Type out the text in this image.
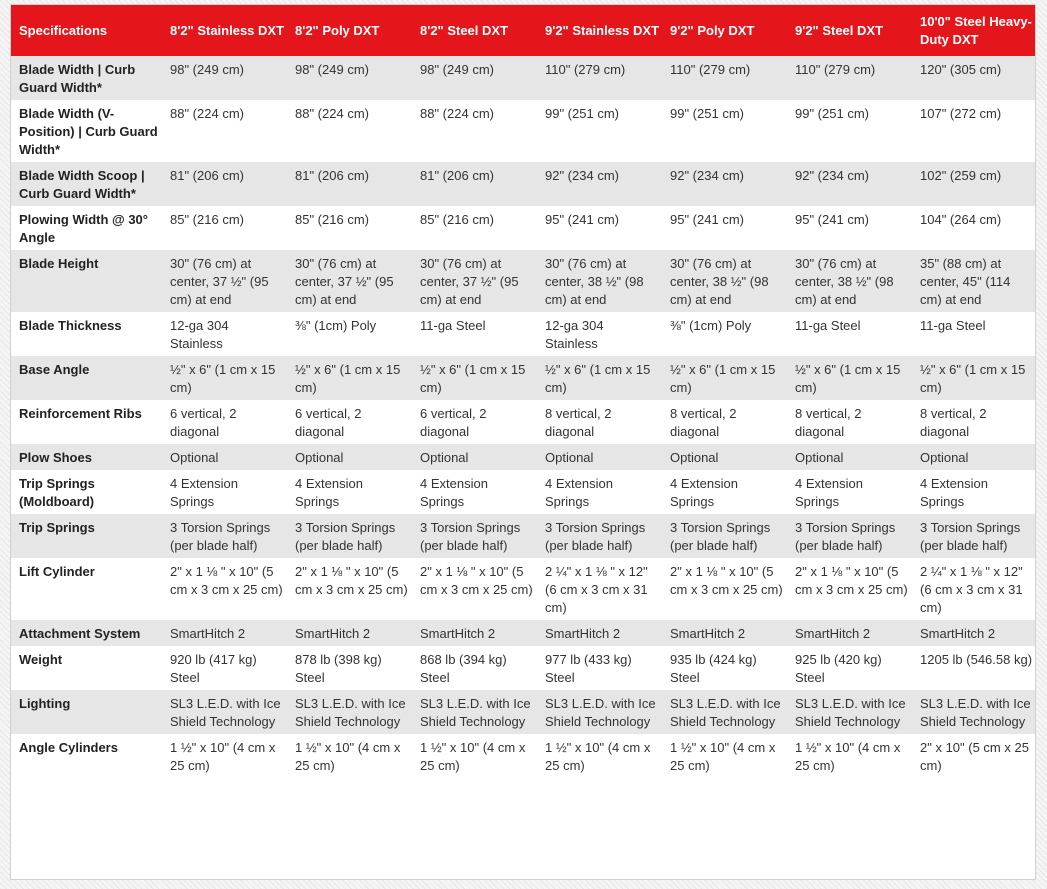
Specifications	8'2" Stainless DXT	8'2" Poly DXT	8'2" Steel DXT	9'2" Stainless DXT	9'2" Poly DXT	9'2" Steel DXT	10'0" Steel Heavy-Duty DXT
Blade Width | Curb Guard Width*	98" (249 cm)	98" (249 cm)	98" (249 cm)	110" (279 cm)	110" (279 cm)	110" (279 cm)	120" (305 cm)
Blade Width (V-Position) | Curb Guard Width*	88" (224 cm)	88" (224 cm)	88" (224 cm)	99" (251 cm)	99" (251 cm)	99" (251 cm)	107" (272 cm)
Blade Width Scoop | Curb Guard Width*	81" (206 cm)	81" (206 cm)	81" (206 cm)	92" (234 cm)	92" (234 cm)	92" (234 cm)	102" (259 cm)
Plowing Width @ 30° Angle	85" (216 cm)	85" (216 cm)	85" (216 cm)	95" (241 cm)	95" (241 cm)	95" (241 cm)	104" (264 cm)
Blade Height	30" (76 cm) at center, 37 ½" (95 cm) at end	30" (76 cm) at center, 37 ½" (95 cm) at end	30" (76 cm) at center, 37 ½" (95 cm) at end	30" (76 cm) at center, 38 ½" (98 cm) at end	30" (76 cm) at center, 38 ½" (98 cm) at end	30" (76 cm) at center, 38 ½" (98 cm) at end	35" (88 cm) at center, 45" (114 cm) at end
Blade Thickness	12-ga 304 Stainless	⅜" (1cm) Poly	11-ga Steel	12-ga 304 Stainless	⅜" (1cm) Poly	11-ga Steel	11-ga Steel
Base Angle	½" x 6" (1 cm x 15 cm)	½" x 6" (1 cm x 15 cm)	½" x 6" (1 cm x 15 cm)	½" x 6" (1 cm x 15 cm)	½" x 6" (1 cm x 15 cm)	½" x 6" (1 cm x 15 cm)	½" x 6" (1 cm x 15 cm)
Reinforcement Ribs	6 vertical, 2 diagonal	6 vertical, 2 diagonal	6 vertical, 2 diagonal	8 vertical, 2 diagonal	8 vertical, 2 diagonal	8 vertical, 2 diagonal	8 vertical, 2 diagonal
Plow Shoes	Optional	Optional	Optional	Optional	Optional	Optional	Optional
Trip Springs (Moldboard)	4 Extension Springs	4 Extension Springs	4 Extension Springs	4 Extension Springs	4 Extension Springs	4 Extension Springs	4 Extension Springs
Trip Springs	3 Torsion Springs (per blade half)	3 Torsion Springs (per blade half)	3 Torsion Springs (per blade half)	3 Torsion Springs (per blade half)	3 Torsion Springs (per blade half)	3 Torsion Springs (per blade half)	3 Torsion Springs (per blade half)
Lift Cylinder	2" x 1 ⅛ " x 10" (5 cm x 3 cm x 25 cm)	2" x 1 ⅛ " x 10" (5 cm x 3 cm x 25 cm)	2" x 1 ⅛ " x 10" (5 cm x 3 cm x 25 cm)	2 ¼" x 1 ⅛ " x 12" (6 cm x 3 cm x 31 cm)	2" x 1 ⅛ " x 10" (5 cm x 3 cm x 25 cm)	2" x 1 ⅛ " x 10" (5 cm x 3 cm x 25 cm)	2 ¼" x 1 ⅛ " x 12" (6 cm x 3 cm x 31 cm)
Attachment System	SmartHitch 2	SmartHitch 2	SmartHitch 2	SmartHitch 2	SmartHitch 2	SmartHitch 2	SmartHitch 2
Weight	920 lb (417 kg) Steel	878 lb (398 kg) Steel	868 lb (394 kg) Steel	977 lb (433 kg) Steel	935 lb (424 kg) Steel	925 lb (420 kg) Steel	1205 lb (546.58 kg)
Lighting	SL3 L.E.D. with Ice Shield Technology	SL3 L.E.D. with Ice Shield Technology	SL3 L.E.D. with Ice Shield Technology	SL3 L.E.D. with Ice Shield Technology	SL3 L.E.D. with Ice Shield Technology	SL3 L.E.D. with Ice Shield Technology	SL3 L.E.D. with Ice Shield Technology
Angle Cylinders	1 ½" x 10" (4 cm x 25 cm)	1 ½" x 10" (4 cm x 25 cm)	1 ½" x 10" (4 cm x 25 cm)	1 ½" x 10" (4 cm x 25 cm)	1 ½" x 10" (4 cm x 25 cm)	1 ½" x 10" (4 cm x 25 cm)	2" x 10" (5 cm x 25 cm)
